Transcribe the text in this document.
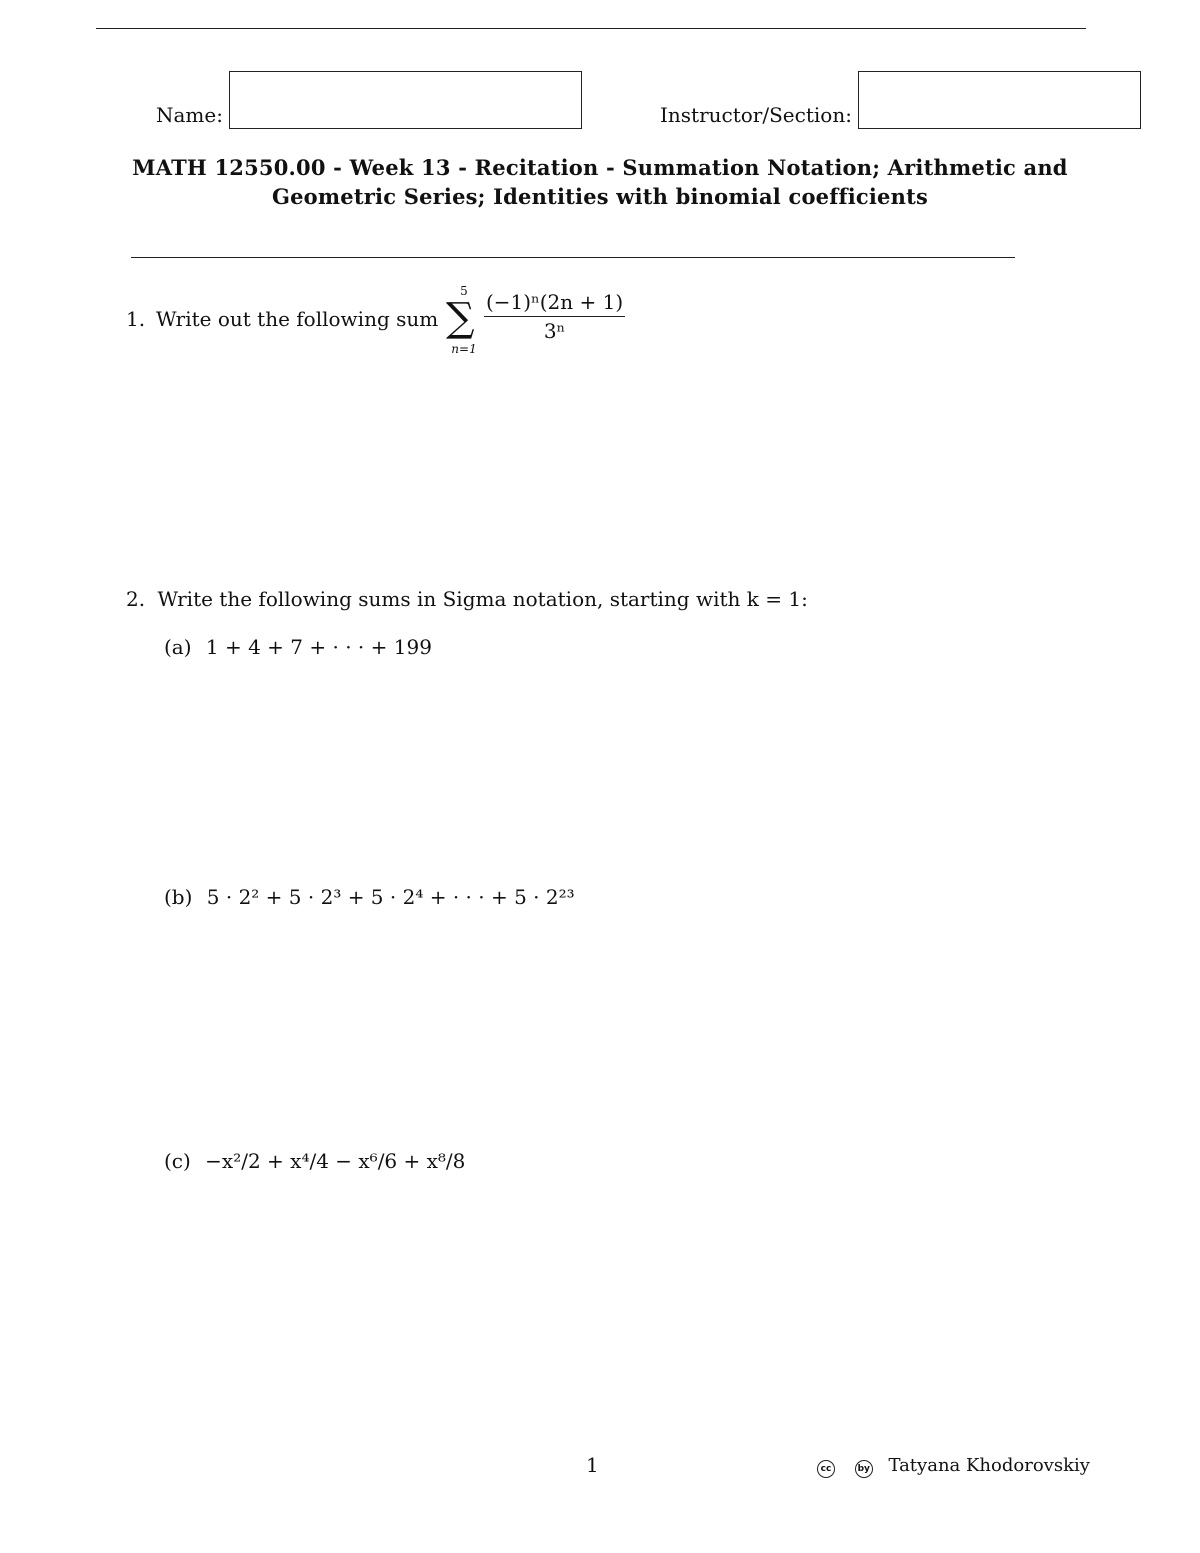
Name:	Instructor/Section:
MATH 12550.00 - Week 13 - Recitation - Summation Notation; Arithmetic and
Geometric Series; Identities with binomial coefficients
1. Write out the following sum
5
∑
n=1
$\frac{\text{(−1)ⁿ(2n + 1)}}{\text{3ⁿ}}$
2. Write the following sums in Sigma notation, starting with k = 1:
(a) 1 + 4 + 7 + · · · + 199
(b) 5 · 2² + 5 · 2³ + 5 · 2⁴ + · · · + 5 · 2²³
(c) −x²/2 + x⁴/4 − x⁶/6 + x⁸/8
1	cc	by Tatyana Khodorovskiy
